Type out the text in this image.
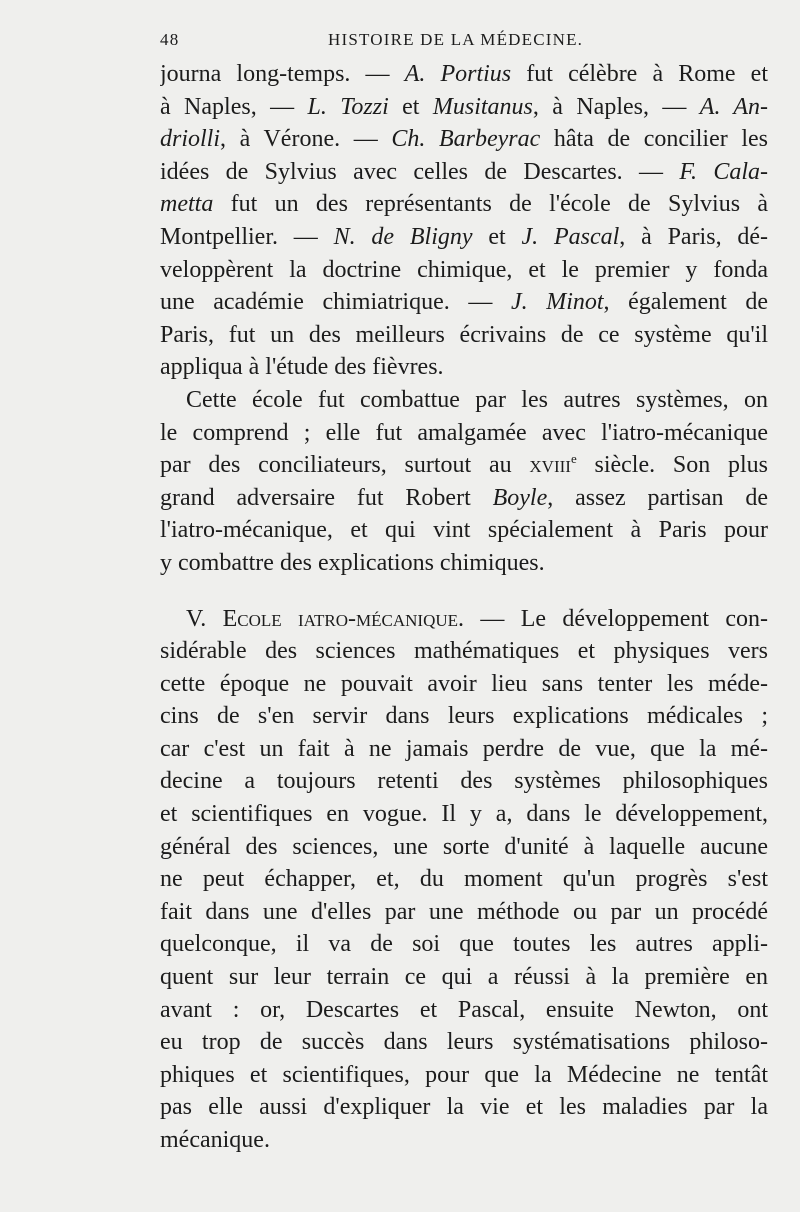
48	HISTOIRE DE LA MÉDECINE.
journa long-temps. — A. Portius fut célèbre à Rome et
à Naples, — L. Tozzi et Musitanus, à Naples, — A. An-
driolli, à Vérone. — Ch. Barbeyrac hâta de concilier les
idées de Sylvius avec celles de Descartes. — F. Cala-
metta fut un des représentants de l'école de Sylvius à
Montpellier. — N. de Bligny et J. Pascal, à Paris, dé-
veloppèrent la doctrine chimique, et le premier y fonda
une académie chimiatrique. — J. Minot, également de
Paris, fut un des meilleurs écrivains de ce système qu'il
appliqua à l'étude des fièvres.
Cette école fut combattue par les autres systèmes, on
le comprend ; elle fut amalgamée avec l'iatro-mécanique
par des conciliateurs, surtout au xviii$^e$ siècle. Son plus
grand adversaire fut Robert Boyle, assez partisan de
l'iatro-mécanique, et qui vint spécialement à Paris pour
y combattre des explications chimiques.
V. Ecole iatro-mécanique. — Le développement con-
sidérable des sciences mathématiques et physiques vers
cette époque ne pouvait avoir lieu sans tenter les méde-
cins de s'en servir dans leurs explications médicales ;
car c'est un fait à ne jamais perdre de vue, que la mé-
decine a toujours retenti des systèmes philosophiques
et scientifiques en vogue. Il y a, dans le développement,
général des sciences, une sorte d'unité à laquelle aucune
ne peut échapper, et, du moment qu'un progrès s'est
fait dans une d'elles par une méthode ou par un procédé
quelconque, il va de soi que toutes les autres appli-
quent sur leur terrain ce qui a réussi à la première en
avant : or, Descartes et Pascal, ensuite Newton, ont
eu trop de succès dans leurs systématisations philoso-
phiques et scientifiques, pour que la Médecine ne tentât
pas elle aussi d'expliquer la vie et les maladies par la
mécanique.
